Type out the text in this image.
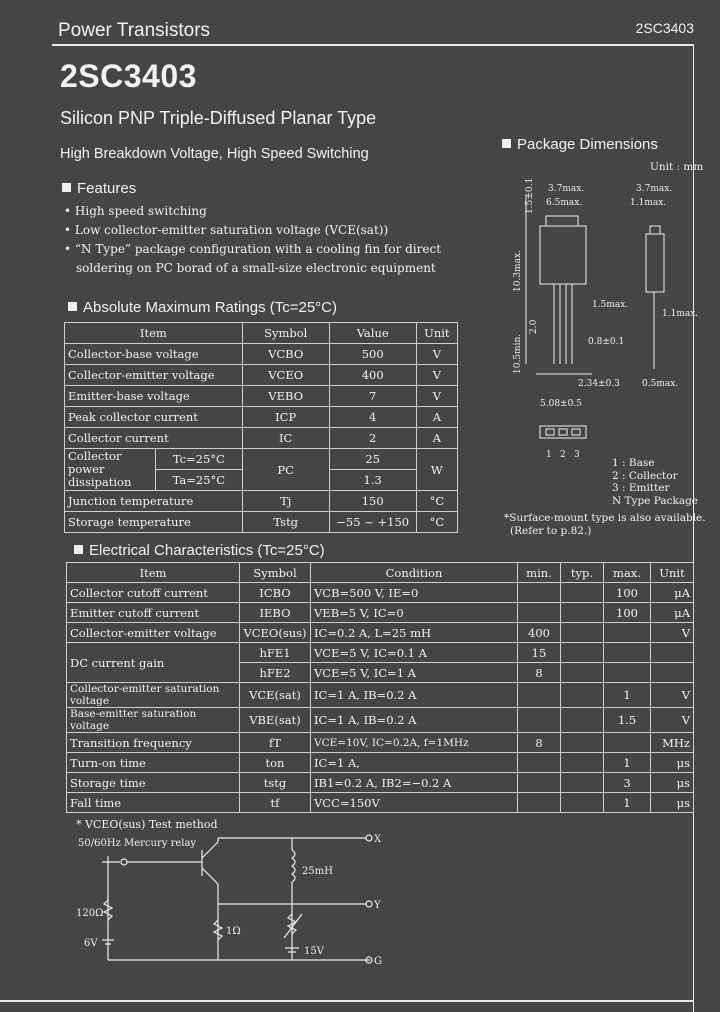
Power Transistors	2SC3403
2SC3403
Silicon PNP Triple-Diffused Planar Type
High Breakdown Voltage, High Speed Switching
Features
• High speed switching
• Low collector-emitter saturation voltage (VCE(sat))
• “N Type” package configuration with a cooling fin for direct soldering on PC borad of a small-size electronic equipment
Absolute Maximum Ratings (Tc=25°C)
Item		Symbol	Value	Unit
Collector-base voltage		VCBO	500	V
Collector-emitter voltage		VCEO	400	V
Emitter-base voltage		VEBO	7	V
Peak collector current		ICP	4	A
Collector current		IC	2	A
Collector power dissipation	Tc=25°C	PC	25	W
	Ta=25°C		1.3	
Junction temperature		Tj	150	°C
Storage temperature		Tstg	−55 ~ +150	°C
Package Dimensions
Unit : mm
1.5±0.1 3.7max.
6.5max.
3.7max.
1.1max.
10.3max.
10.5min.
2.0
1.5max.
1.1max.
0.8±0.1
2.34±0.3 0.5max.
5.08±0.5
1 2 3
1 : Base
2 : Collector
3 : Emitter
N Type Package
*Surface-mount type is also available.
(Refer to p.82.)
Electrical Characteristics (Tc=25°C)
Item	Symbol	Condition	min.	typ.	max.	Unit
Collector cutoff current	ICBO	VCB=500 V, IE=0			100	μA
Emitter cutoff current	IEBO	VEB=5 V, IC=0			100	μA
Collector-emitter voltage	VCEO(sus)	IC=0.2 A, L=25 mH	400			V
DC current gain	hFE1	VCE=5 V, IC=0.1 A	15			
	hFE2	VCE=5 V, IC=1 A	8			
Collector-emitter saturation voltage	VCE(sat)	IC=1 A, IB=0.2 A			1	V
Base-emitter saturation voltage	VBE(sat)	IC=1 A, IB=0.2 A			1.5	V
Transition frequency	fT	VCE=10V, IC=0.2A, f=1MHz	8			MHz
Turn-on time	ton	IC=1 A,			1	μs
Storage time	tstg	IB1=0.2 A, IB2=−0.2 A			3	μs
Fall time	tf	VCC=150V			1	μs
* VCEO(sus) Test method
50/60Hz Mercury relay	X
Y
G
25mH
120Ω
1Ω
6V
15V
